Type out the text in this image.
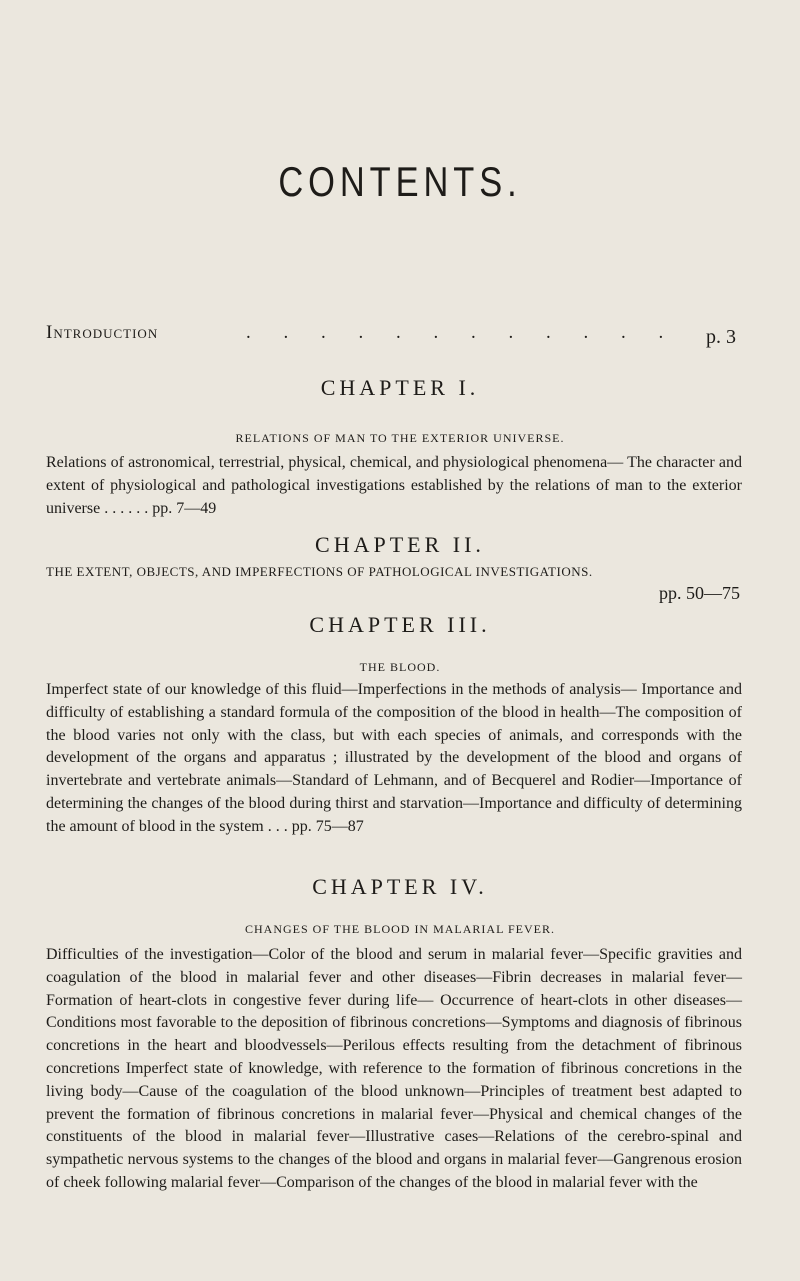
CONTENTS.
Introduction	. . . . . . . . . . . . p. 3
CHAPTER I.
RELATIONS OF MAN TO THE EXTERIOR UNIVERSE.

Relations of astronomical, terrestrial, physical, chemical, and physiological phenomena— The character and extent of physiological and pathological investigations established by the relations of man to the exterior universe . . . . . . pp. 7—49

CHAPTER II.
THE EXTENT, OBJECTS, AND IMPERFECTIONS OF PATHOLOGICAL INVESTIGATIONS.
pp. 50—75
CHAPTER III.
THE BLOOD.

Imperfect state of our knowledge of this fluid—Imperfections in the methods of analysis— Importance and difficulty of establishing a standard formula of the composition of the blood in health—The composition of the blood varies not only with the class, but with each species of animals, and corresponds with the development of the organs and apparatus ; illustrated by the development of the blood and organs of invertebrate and vertebrate animals—Standard of Lehmann, and of Becquerel and Rodier—Importance of determining the changes of the blood during thirst and starvation—Importance and difficulty of determining the amount of blood in the system . . . pp. 75—87

CHAPTER IV.
CHANGES OF THE BLOOD IN MALARIAL FEVER.

Difficulties of the investigation—Color of the blood and serum in malarial fever—Specific gravities and coagulation of the blood in malarial fever and other diseases—Fibrin decreases in malarial fever—Formation of heart-clots in congestive fever during life— Occurrence of heart-clots in other diseases—Conditions most favorable to the deposition of fibrinous concretions—Symptoms and diagnosis of fibrinous concretions in the heart and bloodvessels—Perilous effects resulting from the detachment of fibrinous concretions Imperfect state of knowledge, with reference to the formation of fibrinous concretions in the living body—Cause of the coagulation of the blood unknown—Principles of treatment best adapted to prevent the formation of fibrinous concretions in malarial fever—Physical and chemical changes of the constituents of the blood in malarial fever—Illustrative cases—Relations of the cerebro-spinal and sympathetic nervous systems to the changes of the blood and organs in malarial fever—Gangrenous erosion of cheek following malarial fever—Comparison of the changes of the blood in malarial fever with the
